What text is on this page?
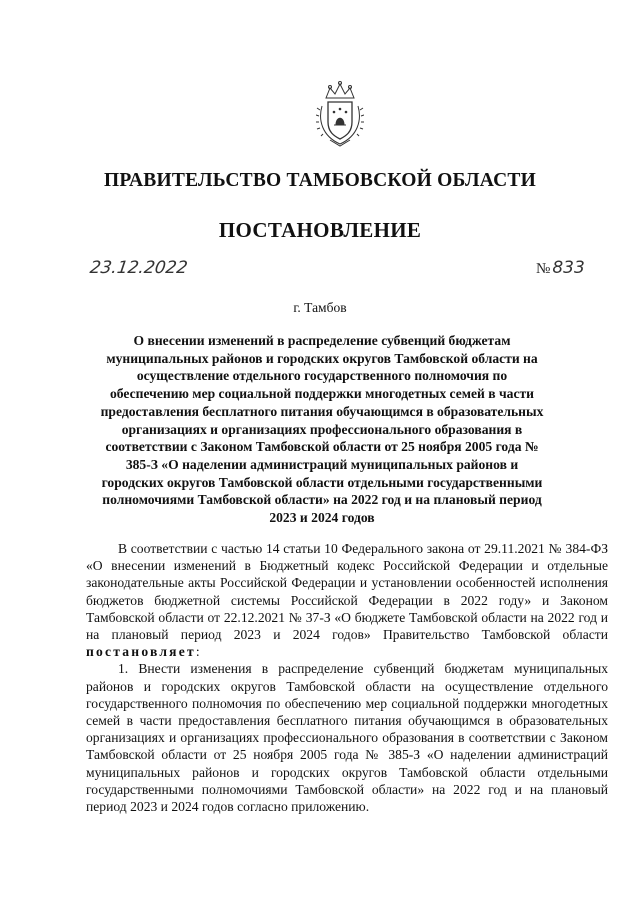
ПРАВИТЕЛЬСТВО ТАМБОВСКОЙ ОБЛАСТИ
ПОСТАНОВЛЕНИЕ
23.12.2022	№ 833
г. Тамбов
О внесении изменений в распределение субвенций бюджетам муниципальных районов и городских округов Тамбовской области на осуществление отдельного государственного полномочия по обеспечению мер социальной поддержки многодетных семей в части предоставления бесплатного питания обучающимся в образовательных организациях и организациях профессионального образования в соответствии с Законом Тамбовской области от 25 ноября 2005 года № 385-З «О наделении администраций муниципальных районов и городских округов Тамбовской области отдельными государственными полномочиями Тамбовской области» на 2022 год и на плановый период 2023 и 2024 годов

В соответствии с частью 14 статьи 10 Федерального закона от 29.11.2021 № 384-ФЗ «О внесении изменений в Бюджетный кодекс Российской Федерации и отдельные законодательные акты Российской Федерации и установлении особенностей исполнения бюджетов бюджетной системы Российской Федерации в 2022 году» и Законом Тамбовской области от 22.12.2021 № 37-З «О бюджете Тамбовской области на 2022 год и на плановый период 2023 и 2024 годов» Правительство Тамбовской области постановляет:

1. Внести изменения в распределение субвенций бюджетам муниципальных районов и городских округов Тамбовской области на осуществление отдельного государственного полномочия по обеспечению мер социальной поддержки многодетных семей в части предоставления бесплатного питания обучающимся в образовательных организациях и организациях профессионального образования в соответствии с Законом Тамбовской области от 25 ноября 2005 года № 385-З «О наделении администраций муниципальных районов и городских округов Тамбовской области отдельными государственными полномочиями Тамбовской области» на 2022 год и на плановый период 2023 и 2024 годов согласно приложению.
